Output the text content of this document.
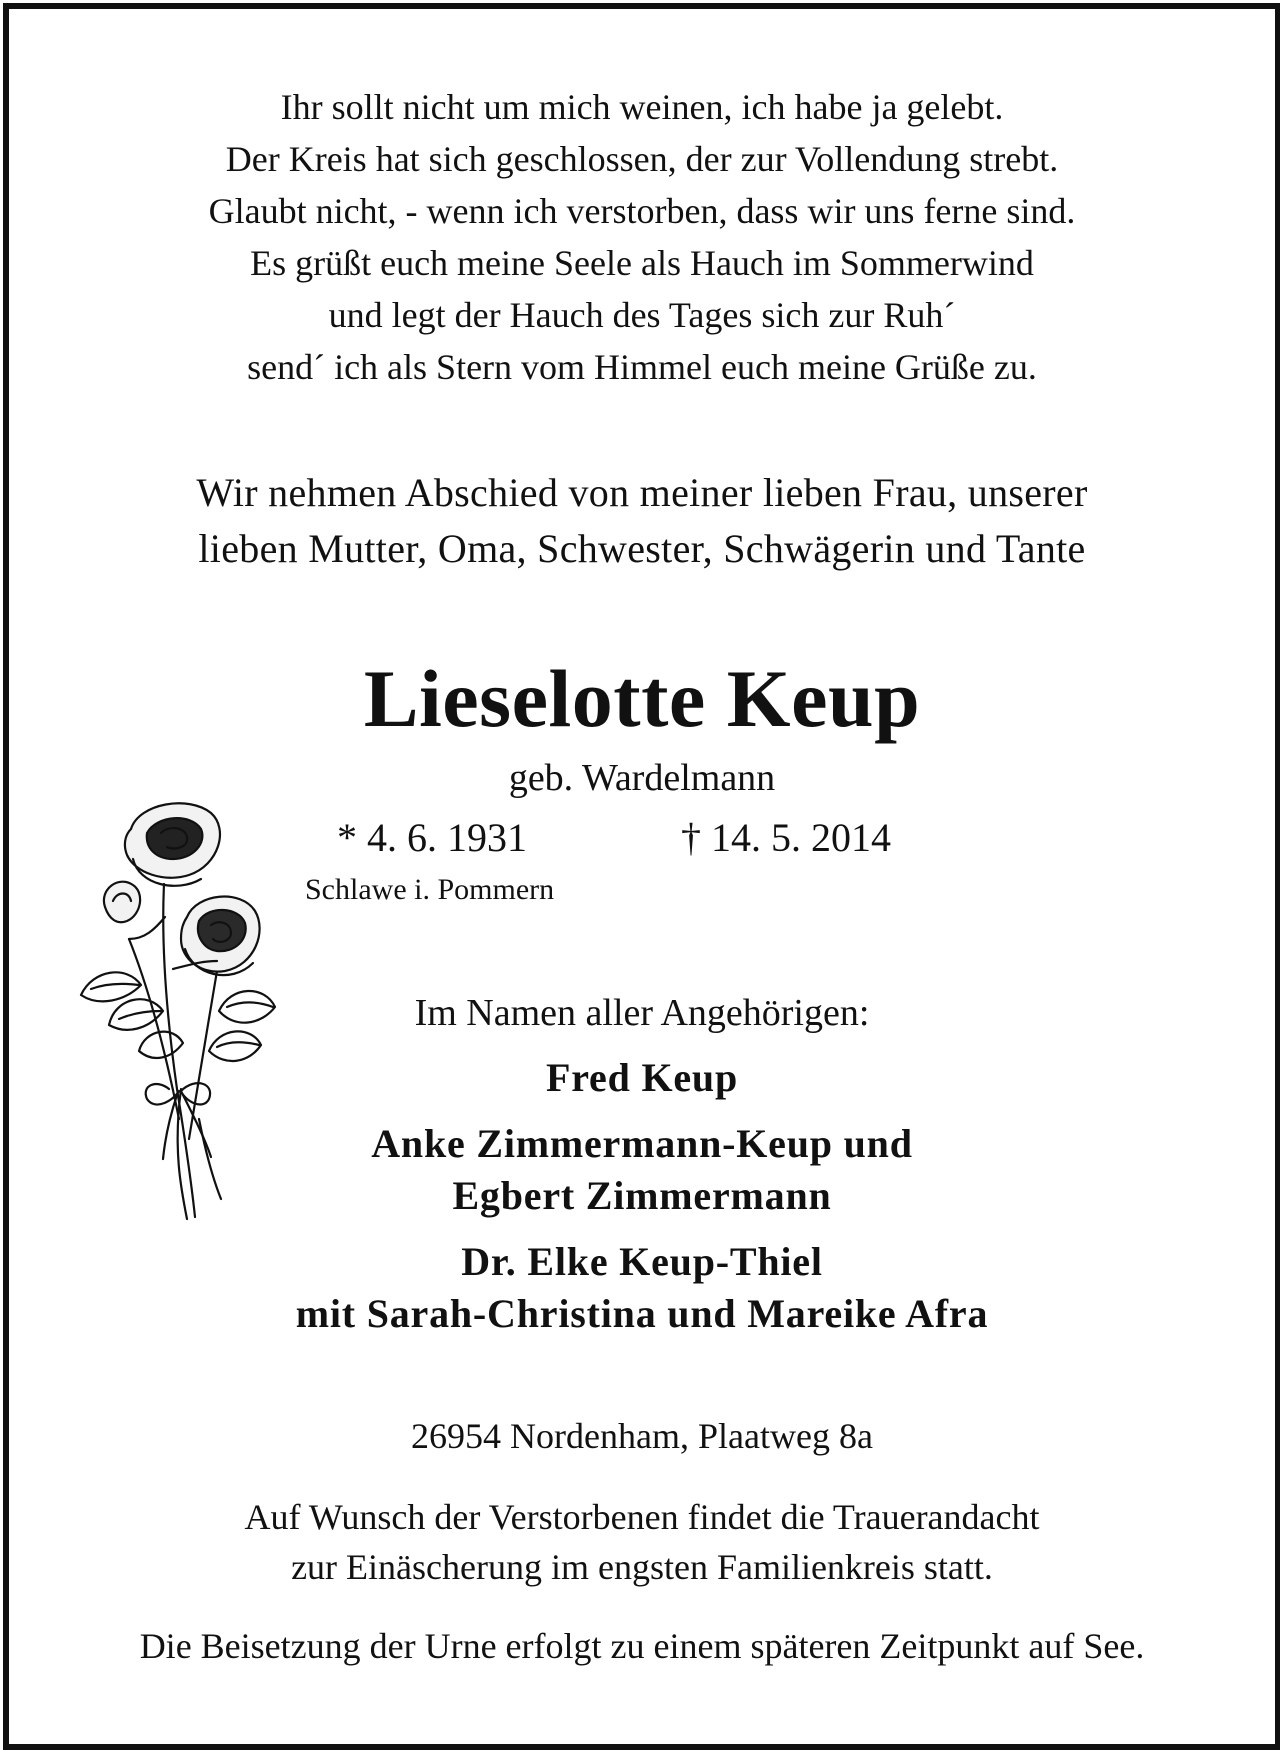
Ihr sollt nicht um mich weinen, ich habe ja gelebt.
Der Kreis hat sich geschlossen, der zur Vollendung strebt.
Glaubt nicht, - wenn ich verstorben, dass wir uns ferne sind.
Es grüßt euch meine Seele als Hauch im Sommerwind
und legt der Hauch des Tages sich zur Ruh´
send´ ich als Stern vom Himmel euch meine Grüße zu.
Wir nehmen Abschied von meiner lieben Frau, unserer
lieben Mutter, Oma, Schwester, Schwägerin und Tante
Lieselotte Keup
geb. Wardelmann
* 4. 6. 1931	† 14. 5. 2014
Schlawe i. Pommern
Im Namen aller Angehörigen:
Fred Keup
Anke Zimmermann-Keup und
Egbert Zimmermann
Dr. Elke Keup-Thiel
mit Sarah-Christina und Mareike Afra
26954 Nordenham, Plaatweg 8a
Auf Wunsch der Verstorbenen findet die Trauerandacht
zur Einäscherung im engsten Familienkreis statt.
Die Beisetzung der Urne erfolgt zu einem späteren Zeitpunkt auf See.
